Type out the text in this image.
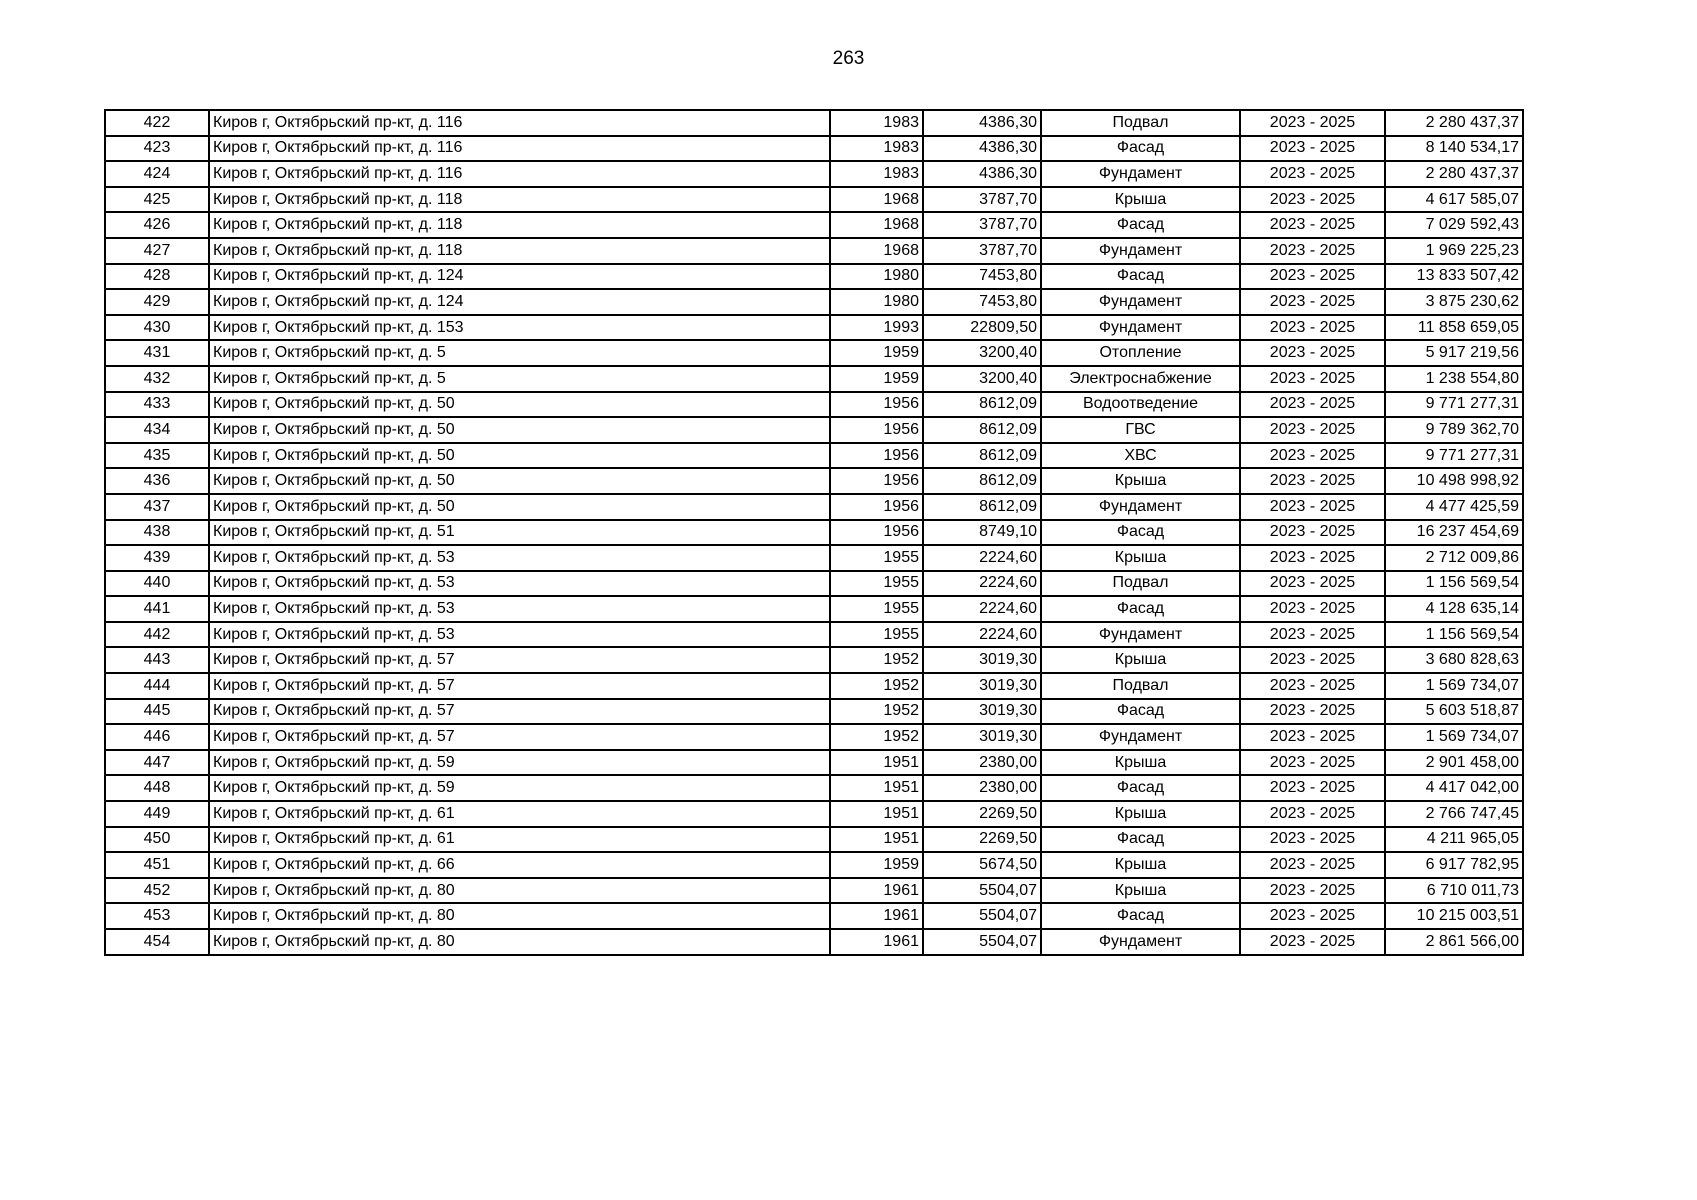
263
422	Киров г, Октябрьский пр-кт, д. 116	1983	4386,30	Подвал	2023 - 2025	2 280 437,37
423	Киров г, Октябрьский пр-кт, д. 116	1983	4386,30	Фасад	2023 - 2025	8 140 534,17
424	Киров г, Октябрьский пр-кт, д. 116	1983	4386,30	Фундамент	2023 - 2025	2 280 437,37
425	Киров г, Октябрьский пр-кт, д. 118	1968	3787,70	Крыша	2023 - 2025	4 617 585,07
426	Киров г, Октябрьский пр-кт, д. 118	1968	3787,70	Фасад	2023 - 2025	7 029 592,43
427	Киров г, Октябрьский пр-кт, д. 118	1968	3787,70	Фундамент	2023 - 2025	1 969 225,23
428	Киров г, Октябрьский пр-кт, д. 124	1980	7453,80	Фасад	2023 - 2025	13 833 507,42
429	Киров г, Октябрьский пр-кт, д. 124	1980	7453,80	Фундамент	2023 - 2025	3 875 230,62
430	Киров г, Октябрьский пр-кт, д. 153	1993	22809,50	Фундамент	2023 - 2025	11 858 659,05
431	Киров г, Октябрьский пр-кт, д. 5	1959	3200,40	Отопление	2023 - 2025	5 917 219,56
432	Киров г, Октябрьский пр-кт, д. 5	1959	3200,40	Электроснабжение	2023 - 2025	1 238 554,80
433	Киров г, Октябрьский пр-кт, д. 50	1956	8612,09	Водоотведение	2023 - 2025	9 771 277,31
434	Киров г, Октябрьский пр-кт, д. 50	1956	8612,09	ГВС	2023 - 2025	9 789 362,70
435	Киров г, Октябрьский пр-кт, д. 50	1956	8612,09	ХВС	2023 - 2025	9 771 277,31
436	Киров г, Октябрьский пр-кт, д. 50	1956	8612,09	Крыша	2023 - 2025	10 498 998,92
437	Киров г, Октябрьский пр-кт, д. 50	1956	8612,09	Фундамент	2023 - 2025	4 477 425,59
438	Киров г, Октябрьский пр-кт, д. 51	1956	8749,10	Фасад	2023 - 2025	16 237 454,69
439	Киров г, Октябрьский пр-кт, д. 53	1955	2224,60	Крыша	2023 - 2025	2 712 009,86
440	Киров г, Октябрьский пр-кт, д. 53	1955	2224,60	Подвал	2023 - 2025	1 156 569,54
441	Киров г, Октябрьский пр-кт, д. 53	1955	2224,60	Фасад	2023 - 2025	4 128 635,14
442	Киров г, Октябрьский пр-кт, д. 53	1955	2224,60	Фундамент	2023 - 2025	1 156 569,54
443	Киров г, Октябрьский пр-кт, д. 57	1952	3019,30	Крыша	2023 - 2025	3 680 828,63
444	Киров г, Октябрьский пр-кт, д. 57	1952	3019,30	Подвал	2023 - 2025	1 569 734,07
445	Киров г, Октябрьский пр-кт, д. 57	1952	3019,30	Фасад	2023 - 2025	5 603 518,87
446	Киров г, Октябрьский пр-кт, д. 57	1952	3019,30	Фундамент	2023 - 2025	1 569 734,07
447	Киров г, Октябрьский пр-кт, д. 59	1951	2380,00	Крыша	2023 - 2025	2 901 458,00
448	Киров г, Октябрьский пр-кт, д. 59	1951	2380,00	Фасад	2023 - 2025	4 417 042,00
449	Киров г, Октябрьский пр-кт, д. 61	1951	2269,50	Крыша	2023 - 2025	2 766 747,45
450	Киров г, Октябрьский пр-кт, д. 61	1951	2269,50	Фасад	2023 - 2025	4 211 965,05
451	Киров г, Октябрьский пр-кт, д. 66	1959	5674,50	Крыша	2023 - 2025	6 917 782,95
452	Киров г, Октябрьский пр-кт, д. 80	1961	5504,07	Крыша	2023 - 2025	6 710 011,73
453	Киров г, Октябрьский пр-кт, д. 80	1961	5504,07	Фасад	2023 - 2025	10 215 003,51
454	Киров г, Октябрьский пр-кт, д. 80	1961	5504,07	Фундамент	2023 - 2025	2 861 566,00
